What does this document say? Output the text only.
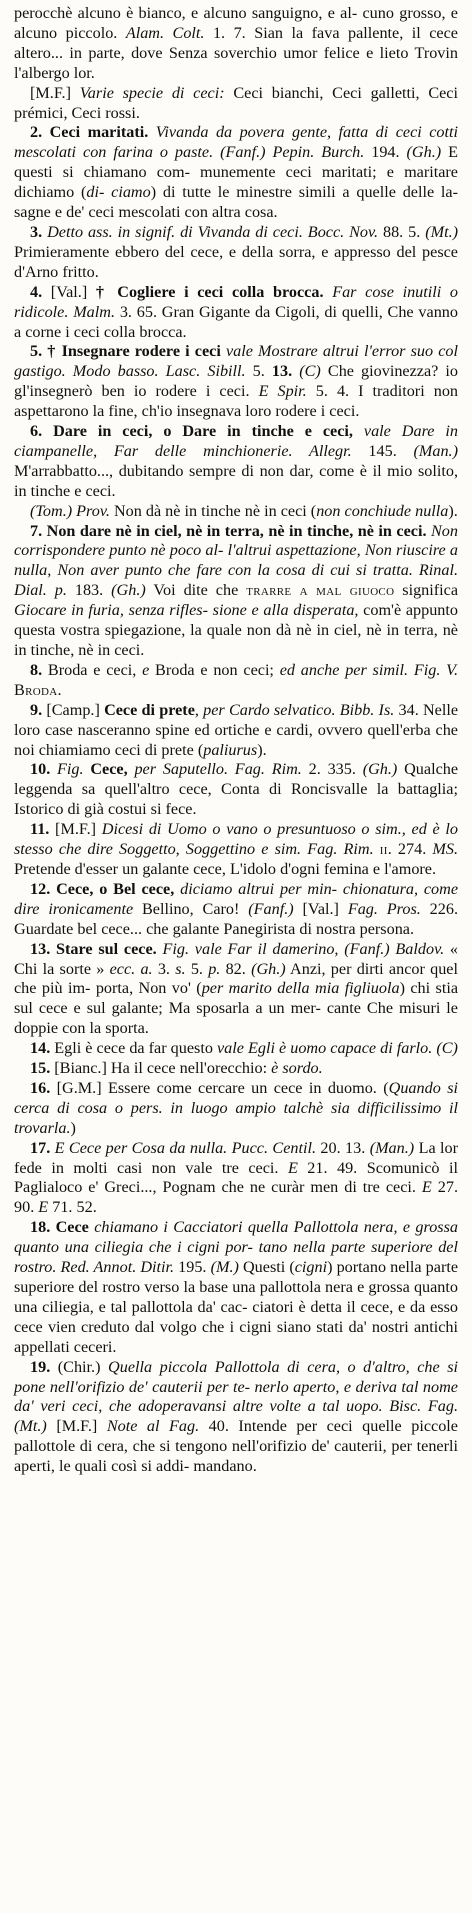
perocchè alcuno è bianco, e alcuno sanguigno, e al- cuno grosso, e alcuno piccolo. Alam. Colt. 1. 7. Sian la fava pallente, il cece altero... in parte, dove Senza soverchio umor felice e lieto Trovin l'albergo lor.

[M.F.] Varie specie di ceci: Ceci bianchi, Ceci galletti, Ceci prémici, Ceci rossi.

2. Ceci maritati. Vivanda da povera gente, fatta di ceci cotti mescolati con farina o paste. (Fanf.) Pepin. Burch. 194. (Gh.) E questi si chiamano com- munemente ceci maritati; e maritare dichiamo (di- ciamo) di tutte le minestre simili a quelle delle la- sagne e de' ceci mescolati con altra cosa.

3. Detto ass. in signif. di Vivanda di ceci. Bocc. Nov. 88. 5. (Mt.) Primieramente ebbero del cece, e della sorra, e appresso del pesce d'Arno fritto.

4. [Val.] † Cogliere i ceci colla brocca. Far cose inutili o ridicole. Malm. 3. 65. Gran Gigante da Cigoli, di quelli, Che vanno a corne i ceci colla brocca.

5. † Insegnare rodere i ceci vale Mostrare altrui l'error suo col gastigo. Modo basso. Lasc. Sibill. 5. 13. (C) Che giovinezza? io gl'insegnerò ben io rodere i ceci. E Spir. 5. 4. I traditori non aspettarono la fine, ch'io insegnava loro rodere i ceci.

6. Dare in ceci, o Dare in tinche e ceci, vale Dare in ciampanelle, Far delle minchionerie. Allegr. 145. (Man.) M'arrabbatto..., dubitando sempre di non dar, come è il mio solito, in tinche e ceci.

(Tom.) Prov. Non dà nè in tinche nè in ceci (non conchiude nulla).

7. Non dare nè in ciel, nè in terra, nè in tinche, nè in ceci. Non corrispondere punto nè poco al- l'altrui aspettazione, Non riuscire a nulla, Non aver punto che fare con la cosa di cui si tratta. Rinal. Dial. p. 183. (Gh.) Voi dite che trarre a mal giuoco significa Giocare in furia, senza rifles- sione e alla disperata, com'è appunto questa vostra spiegazione, la quale non dà nè in ciel, nè in terra, nè in tinche, nè in ceci.

8. Broda e ceci, e Broda e non ceci; ed anche per simil. Fig. V. Broda.

9. [Camp.] Cece di prete, per Cardo selvatico. Bibb. Is. 34. Nelle loro case nasceranno spine ed ortiche e cardi, ovvero quell'erba che noi chiamiamo ceci di prete (paliurus).

10. Fig. Cece, per Saputello. Fag. Rim. 2. 335. (Gh.) Qualche leggenda sa quell'altro cece, Conta di Roncisvalle la battaglia; Istorico di già costui si fece.

11. [M.F.] Dicesi di Uomo o vano o presuntuoso o sim., ed è lo stesso che dire Soggetto, Soggettino e sim. Fag. Rim. ii. 274. MS. Pretende d'esser un galante cece, L'idolo d'ogni femina e l'amore.

12. Cece, o Bel cece, diciamo altrui per min- chionatura, come dire ironicamente Bellino, Caro! (Fanf.) [Val.] Fag. Pros. 226. Guardate bel cece... che galante Panegirista di nostra persona.

13. Stare sul cece. Fig. vale Far il damerino, (Fanf.) Baldov. « Chi la sorte » ecc. a. 3. s. 5. p. 82. (Gh.) Anzi, per dirti ancor quel che più im- porta, Non vo' (per marito della mia figliuola) chi stia sul cece e sul galante; Ma sposarla a un mer- cante Che misuri le doppie con la sporta.

14. Egli è cece da far questo vale Egli è uomo capace di farlo. (C)

15. [Bianc.] Ha il cece nell'orecchio: è sordo.

16. [G.M.] Essere come cercare un cece in duomo. (Quando si cerca di cosa o pers. in luogo ampio talchè sia difficilissimo il trovarla.)

17. E Cece per Cosa da nulla. Pucc. Centil. 20. 13. (Man.) La lor fede in molti casi non vale tre ceci. E 21. 49. Scomunicò il Paglialoco e' Greci..., Pognam che ne curàr men di tre ceci. E 27. 90. E 71. 52.

18. Cece chiamano i Cacciatori quella Pallottola nera, e grossa quanto una ciliegia che i cigni por- tano nella parte superiore del rostro. Red. Annot. Ditir. 195. (M.) Questi (cigni) portano nella parte superiore del rostro verso la base una pallottola nera e grossa quanto una ciliegia, e tal pallottola da' cac- ciatori è detta il cece, e da esso cece vien creduto dal volgo che i cigni siano stati da' nostri antichi appellati ceceri.

19. (Chir.) Quella piccola Pallottola di cera, o d'altro, che si pone nell'orifizio de' cauterii per te- nerlo aperto, e deriva tal nome da' veri ceci, che adoperavansi altre volte a tal uopo. Bisc. Fag. (Mt.) [M.F.] Note al Fag. 40. Intende per ceci quelle piccole pallottole di cera, che si tengono nell'orifizio de' cauterii, per tenerli aperti, le quali così si addi- mandano.
